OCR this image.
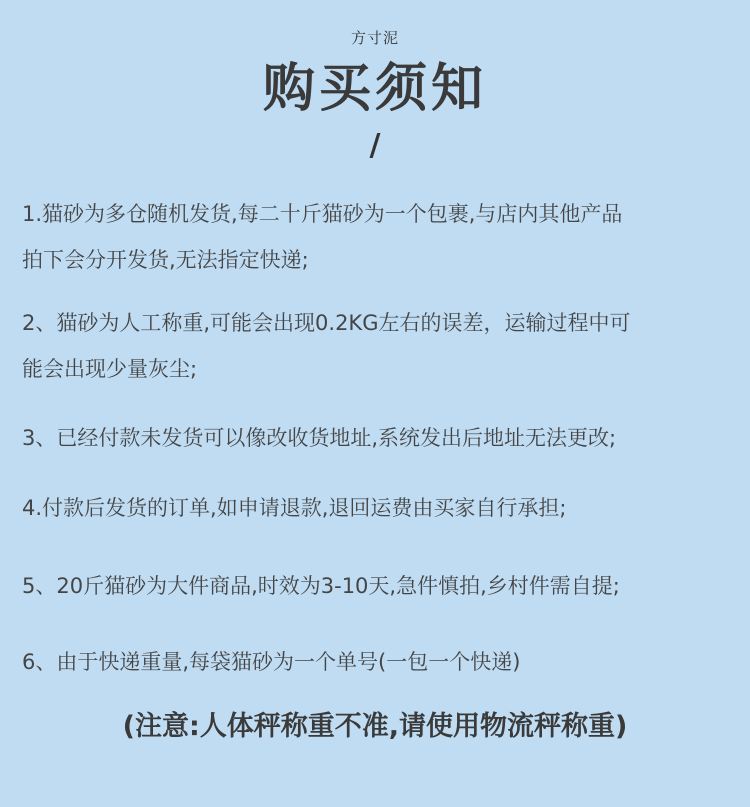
方寸泥
购买须知
/
1.猫砂为多仓随机发货,每二十斤猫砂为一个包裹,与店内其他产品
拍下会分开发货,无法指定快递;
2、猫砂为人工称重,可能会出现0.2KG左右的误差，运输过程中可
能会出现少量灰尘;
3、已经付款未发货可以像改收货地址,系统发出后地址无法更改;
4.付款后发货的订单,如申请退款,退回运费由买家自行承担;
5、20斤猫砂为大件商品,时效为3-10天,急件慎拍,乡村件需自提;
6、由于快递重量,每袋猫砂为一个单号(一包一个快递)
(注意:人体秤称重不准,请使用物流秤称重)
